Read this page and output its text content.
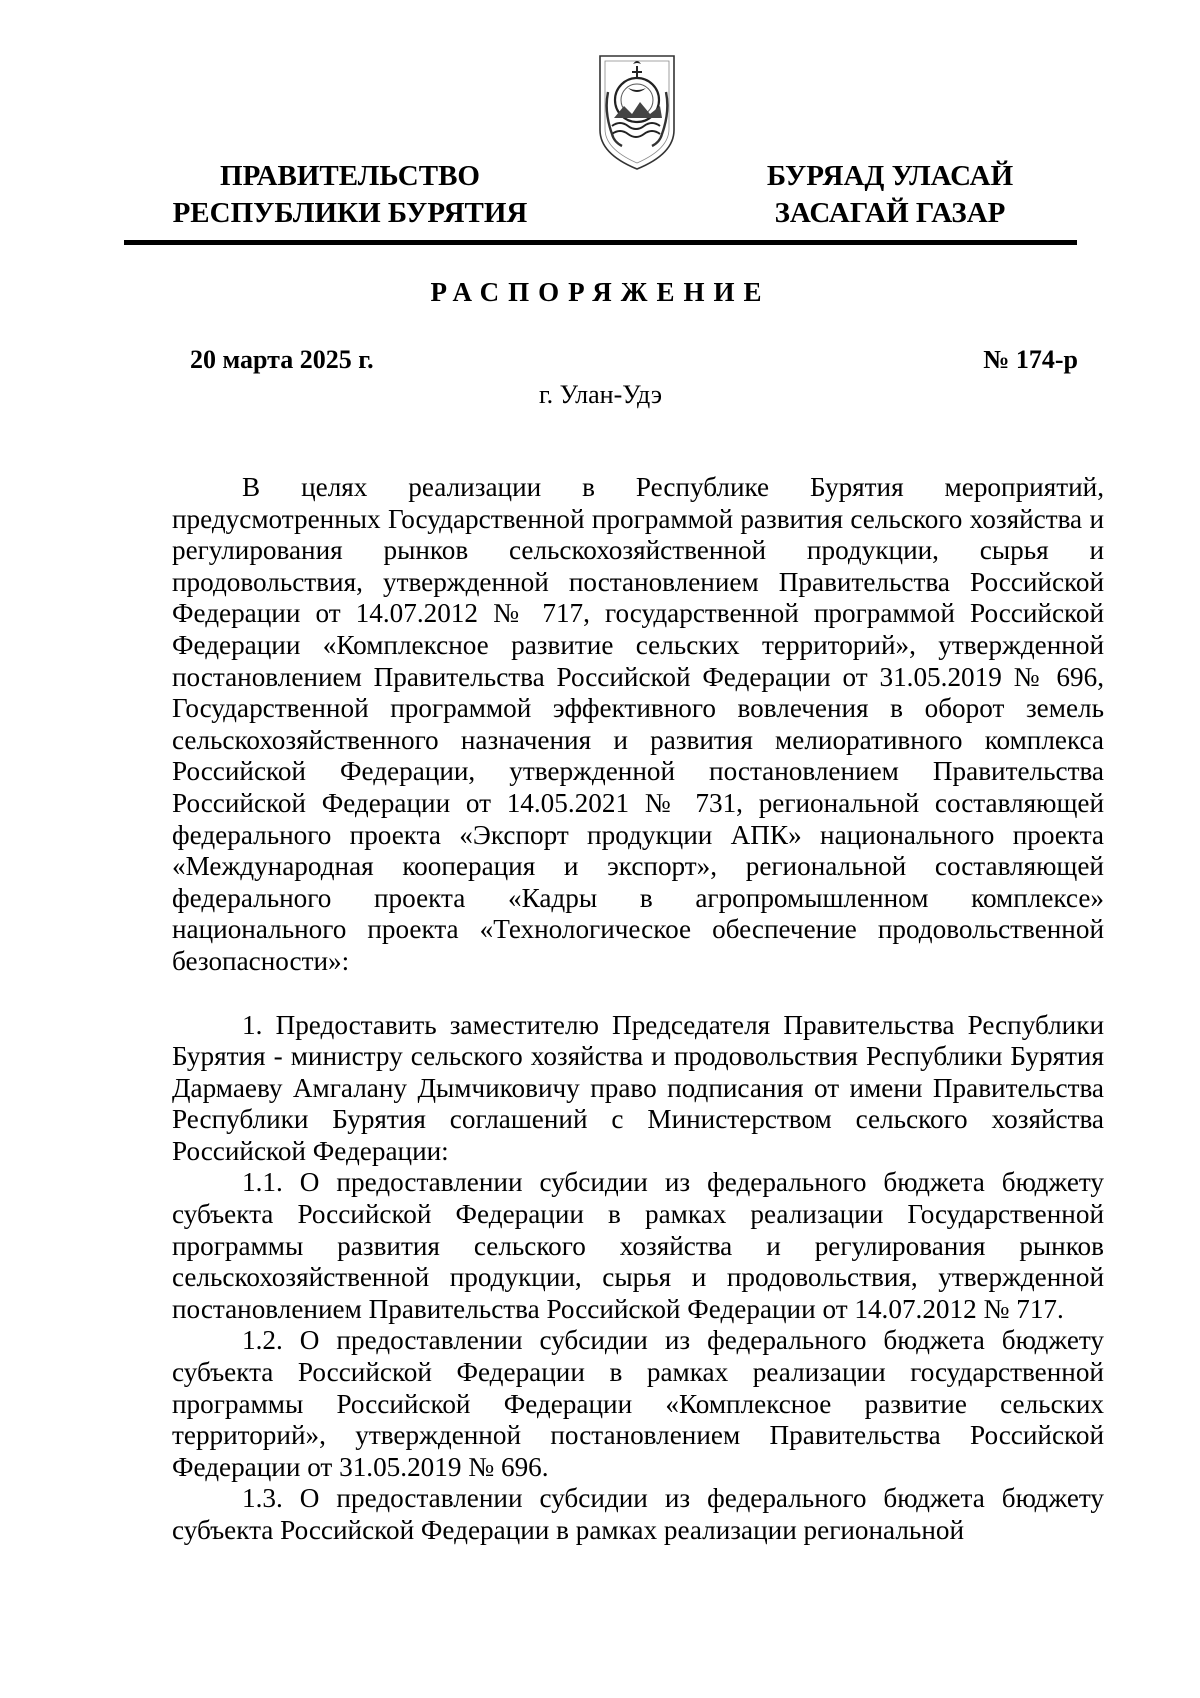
ПРАВИТЕЛЬСТВО
РЕСПУБЛИКИ БУРЯТИЯ
БУРЯАД УЛАСАЙ
ЗАСАГАЙ ГАЗАР
РАСПОРЯЖЕНИЕ
20 марта 2025 г.	№ 174-р
г. Улан-Удэ

В целях реализации в Республике Бурятия мероприятий, предусмотренных Государственной программой развития сельского хозяйства и регулирования рынков сельскохозяйственной продукции, сырья и продовольствия, утвержденной постановлением Правительства Российской Федерации от 14.07.2012 № 717, государственной программой Российской Федерации «Комплексное развитие сельских территорий», утвержденной постановлением Правительства Российской Федерации от 31.05.2019 № 696, Государственной программой эффективного вовлечения в оборот земель сельскохозяйственного назначения и развития мелиоративного комплекса Российской Федерации, утвержденной постановлением Правительства Российской Федерации от 14.05.2021 № 731, региональной составляющей федерального проекта «Экспорт продукции АПК» национального проекта «Международная кооперация и экспорт», региональной составляющей федерального проекта «Кадры в агропромышленном комплексе» национального проекта «Технологическое обеспечение продовольственной безопасности»:

1. Предоставить заместителю Председателя Правительства Республики Бурятия - министру сельского хозяйства и продовольствия Республики Бурятия Дармаеву Амгалану Дымчиковичу право подписания от имени Правительства Республики Бурятия соглашений с Министерством сельского хозяйства Российской Федерации:

1.1. О предоставлении субсидии из федерального бюджета бюджету субъекта Российской Федерации в рамках реализации Государственной программы развития сельского хозяйства и регулирования рынков сельскохозяйственной продукции, сырья и продовольствия, утвержденной постановлением Правительства Российской Федерации от 14.07.2012 № 717.

1.2. О предоставлении субсидии из федерального бюджета бюджету субъекта Российской Федерации в рамках реализации государственной программы Российской Федерации «Комплексное развитие сельских территорий», утвержденной постановлением Правительства Российской Федерации от 31.05.2019 № 696.

1.3. О предоставлении субсидии из федерального бюджета бюджету субъекта Российской Федерации в рамках реализации региональной
